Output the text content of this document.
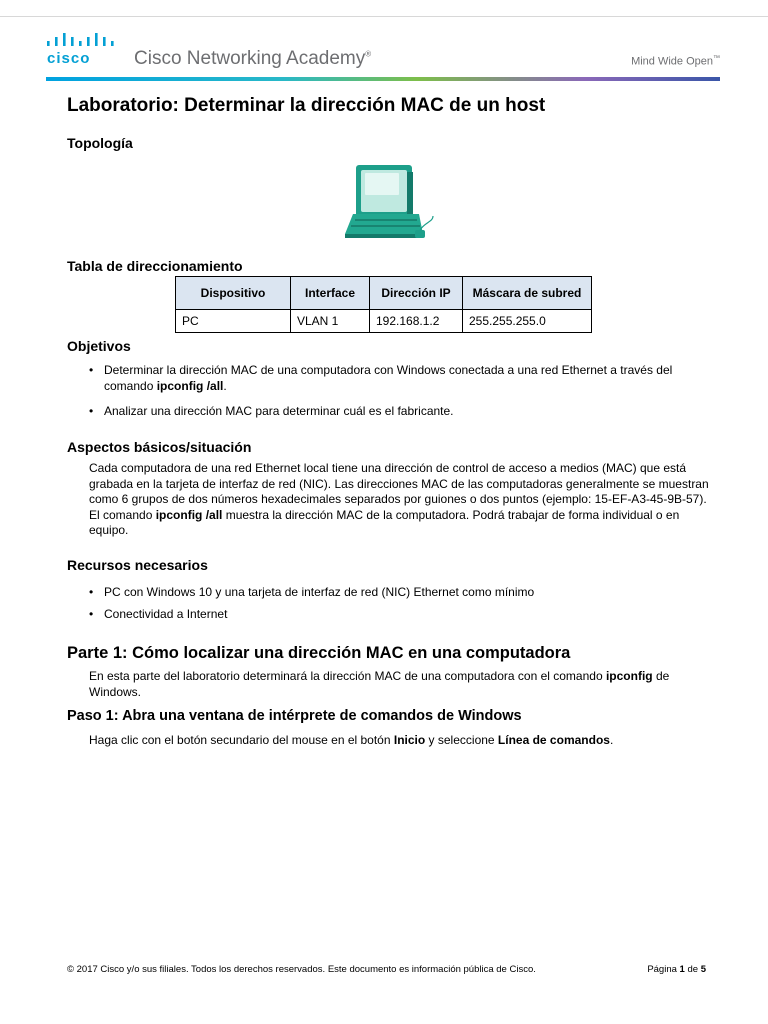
cisco Cisco Networking Academy®
Mind Wide Open™
Laboratorio: Determinar la dirección MAC de un host
Topología
Tabla de direccionamiento
Dispositivo	Interface	Dirección IP	Máscara de subred
PC	VLAN 1	192.168.1.2	255.255.255.0
Objetivos
• Determinar la dirección MAC de una computadora con Windows conectada a una red Ethernet a través del comando ipconfig /all.
• Analizar una dirección MAC para determinar cuál es el fabricante.
Aspectos básicos/situación
Cada computadora de una red Ethernet local tiene una dirección de control de acceso a medios (MAC) que está grabada en la tarjeta de interfaz de red (NIC). Las direcciones MAC de las computadoras generalmente se muestran como 6 grupos de dos números hexadecimales separados por guiones o dos puntos (ejemplo: 15-EF-A3-45-9B-57). El comando ipconfig /all muestra la dirección MAC de la computadora. Podrá trabajar de forma individual o en equipo.
Recursos necesarios
• PC con Windows 10 y una tarjeta de interfaz de red (NIC) Ethernet como mínimo
• Conectividad a Internet
Parte 1: Cómo localizar una dirección MAC en una computadora
En esta parte del laboratorio determinará la dirección MAC de una computadora con el comando ipconfig de Windows.
Paso 1: Abra una ventana de intérprete de comandos de Windows
Haga clic con el botón secundario del mouse en el botón Inicio y seleccione Línea de comandos.
© 2017 Cisco y/o sus filiales. Todos los derechos reservados. Este documento es información pública de Cisco.	Página 1 de 5
